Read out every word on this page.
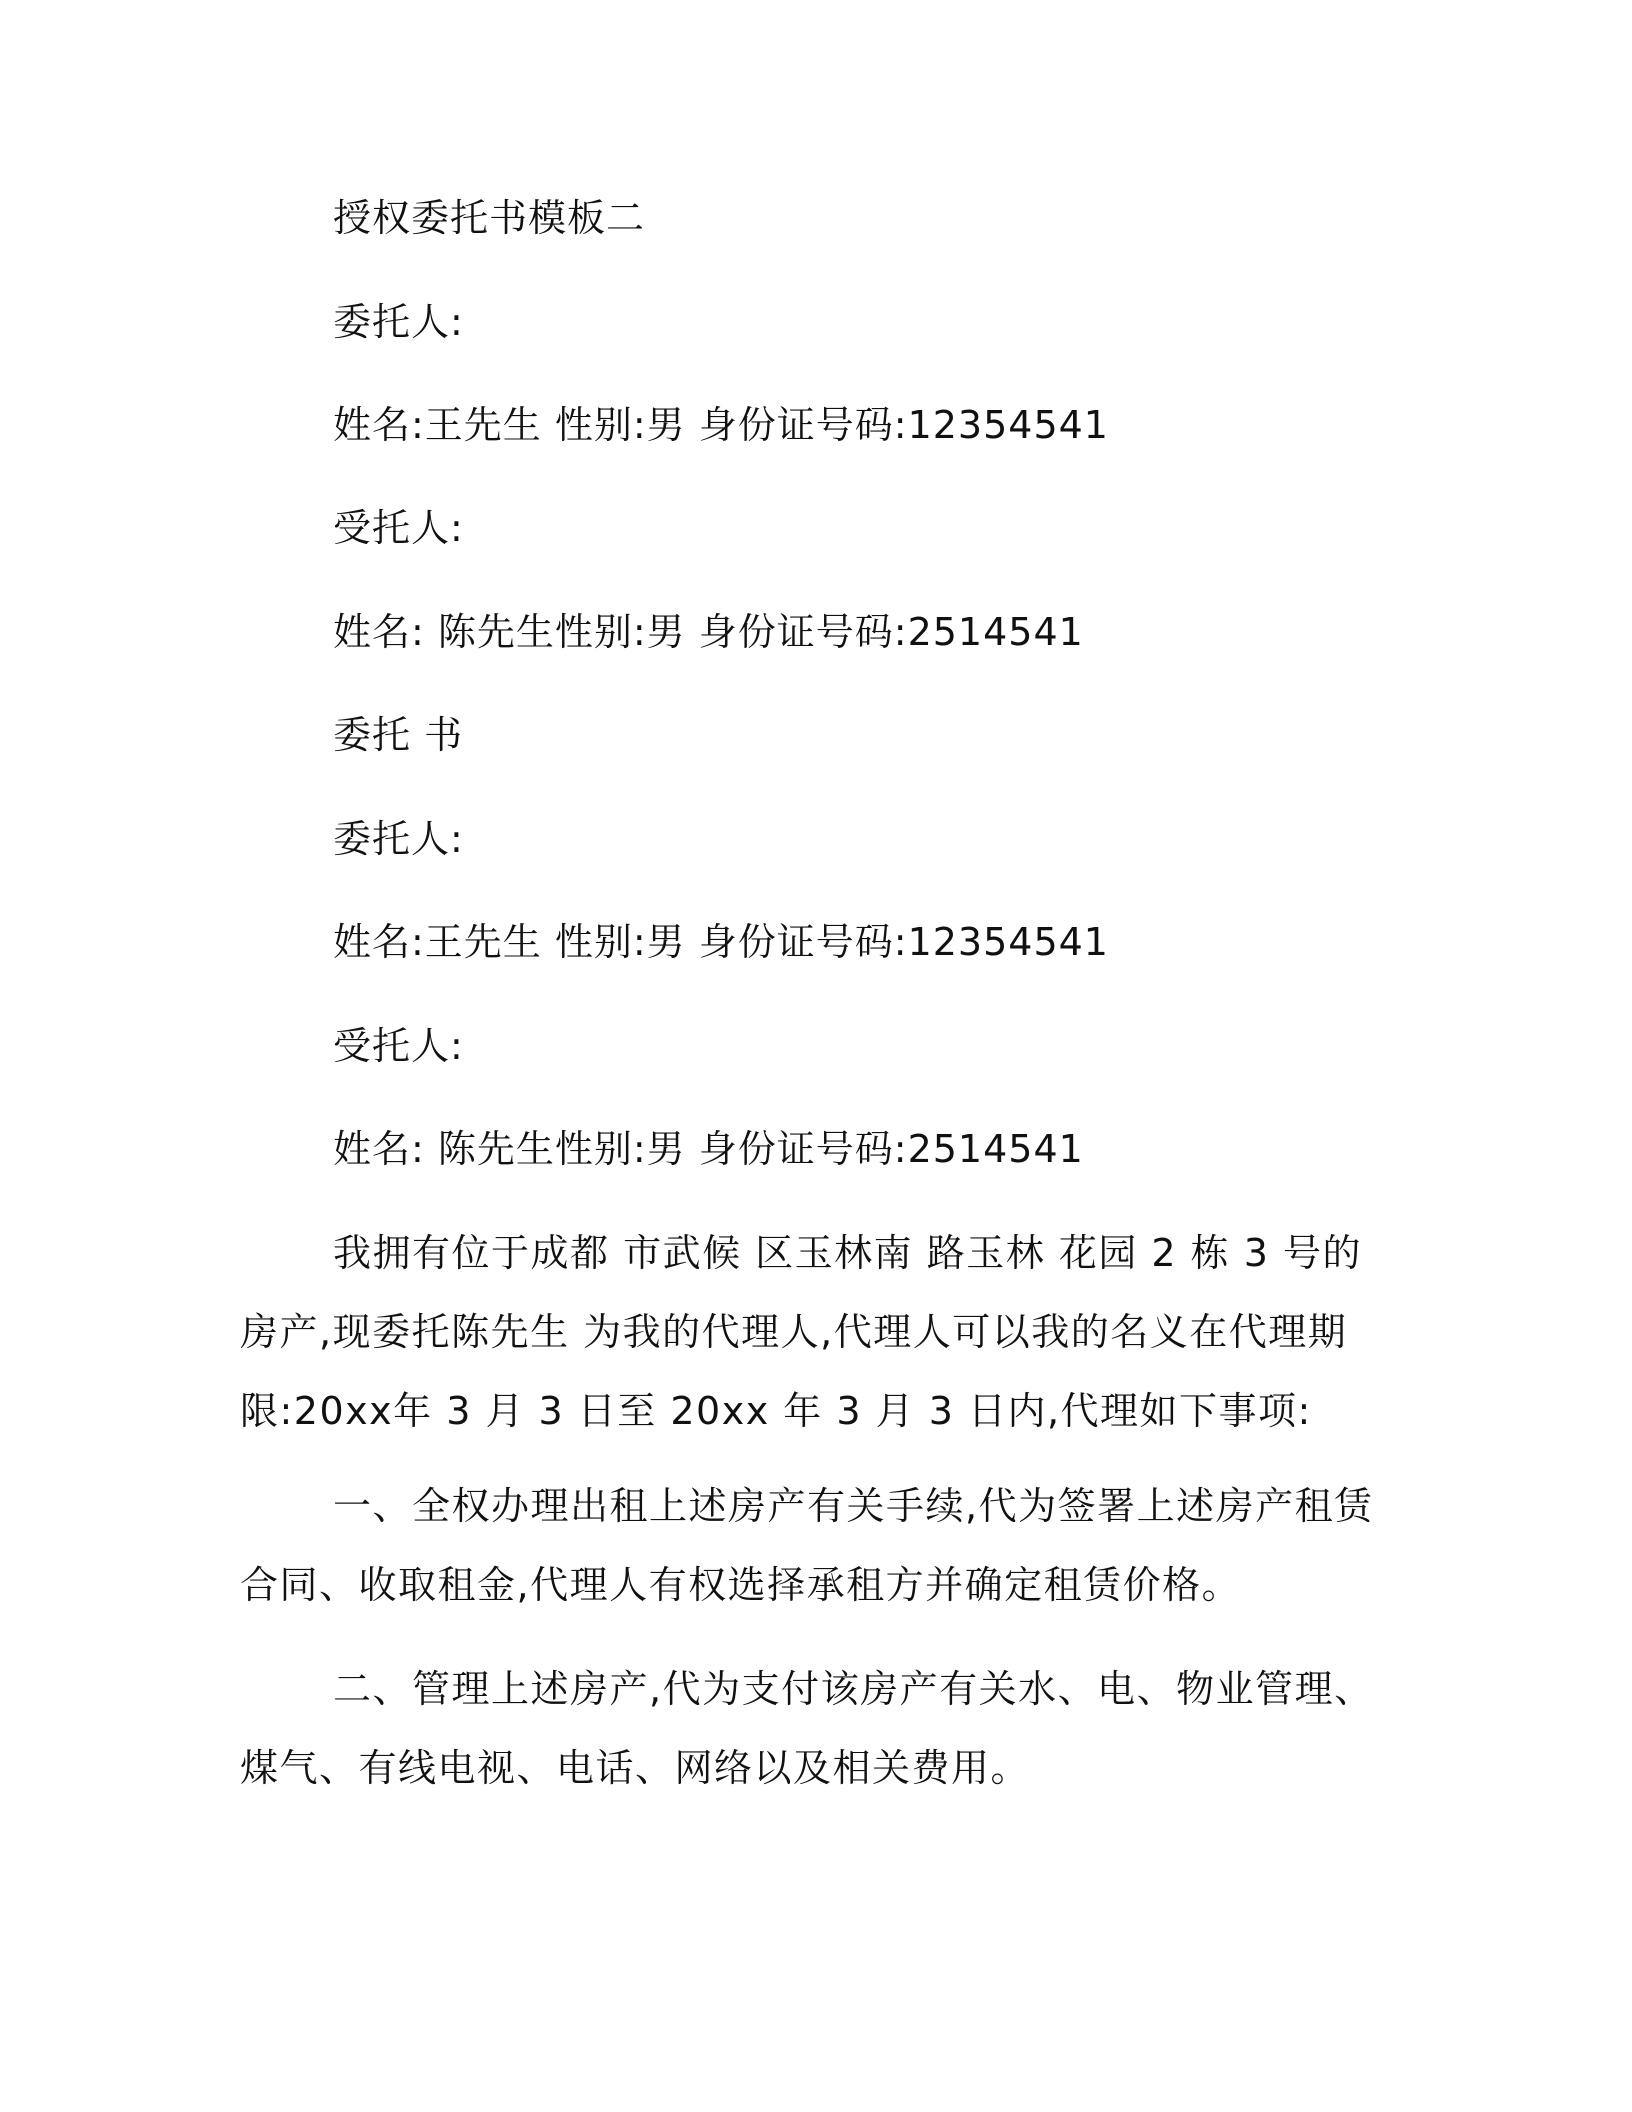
授权委托书模板二
委托人:
姓名:王先生 性别:男 身份证号码:12354541
受托人:
姓名: 陈先生性别:男 身份证号码:2514541
委托 书
委托人:
姓名:王先生 性别:男 身份证号码:12354541
受托人:
姓名: 陈先生性别:男 身份证号码:2514541
我拥有位于成都 市武候 区玉林南 路玉林 花园 2 栋 3 号的房产,现委托陈先生 为我的代理人,代理人可以我的名义在代理期限:20xx年 3 月 3 日至 20xx 年 3 月 3 日内,代理如下事项:
一、全权办理出租上述房产有关手续,代为签署上述房产租赁合同、收取租金,代理人有权选择承租方并确定租赁价格。
二、管理上述房产,代为支付该房产有关水、电、物业管理、煤气、有线电视、电话、网络以及相关费用。
